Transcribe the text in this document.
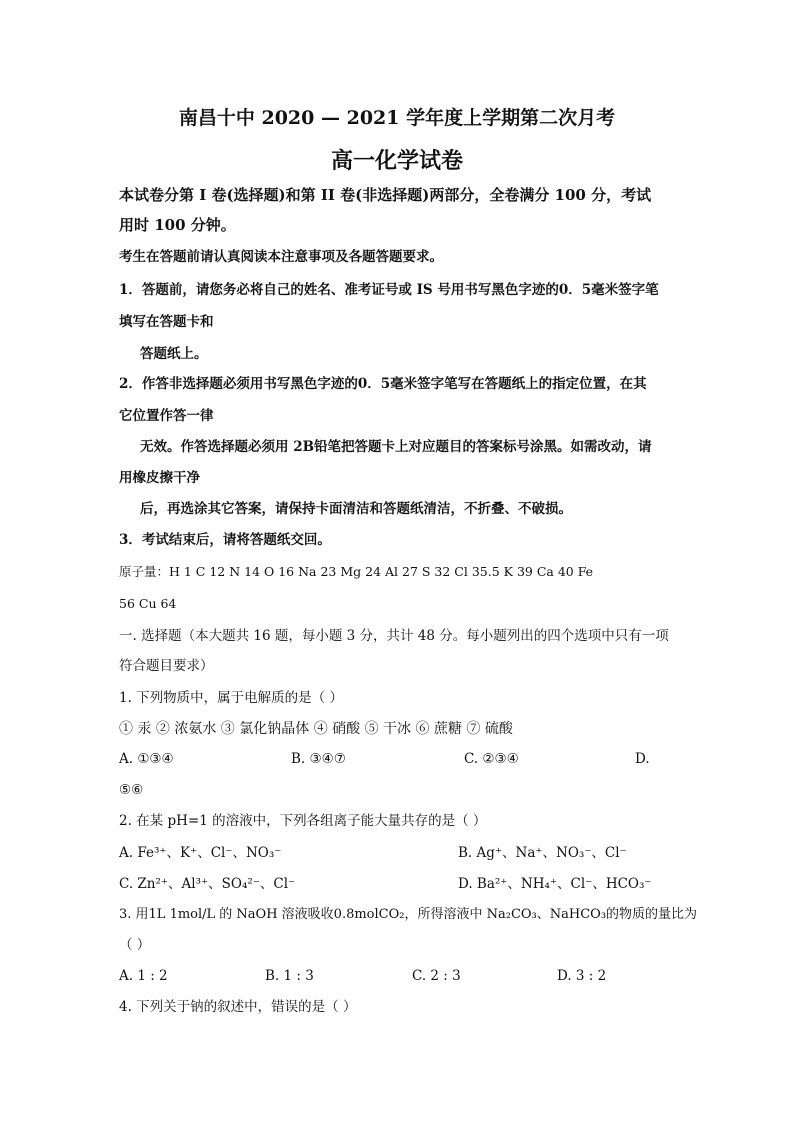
南昌十中 2020 — 2021 学年度上学期第二次月考
高一化学试卷
本试卷分第 I 卷(选择题)和第 II 卷(非选择题)两部分，全卷满分 100 分，考试
用时 100 分钟。
考生在答题前请认真阅读本注意事项及各题答题要求。
1．答题前，请您务必将自己的姓名、准考证号或 IS 号用书写黑色字迹的0．5毫米签字笔
填写在答题卡和
答题纸上。
2．作答非选择题必须用书写黑色字迹的0．5毫米签字笔写在答题纸上的指定位置，在其
它位置作答一律
无效。作答选择题必须用 2B铅笔把答题卡上对应题目的答案标号涂黑。如需改动，请
用橡皮擦干净
后，再选涂其它答案，请保持卡面清洁和答题纸清洁，不折叠、不破损。
3．考试结束后，请将答题纸交回。
原子量：H 1 C 12 N 14 O 16 Na 23 Mg 24 Al 27 S 32 Cl 35.5 K 39 Ca 40 Fe
56 Cu 64
一. 选择题（本大题共 16 题，每小题 3 分，共计 48 分。每小题列出的四个选项中只有一项
符合题目要求）
1. 下列物质中，属于电解质的是（ ）
① 汞 ② 浓氨水 ③ 氯化钠晶体 ④ 硝酸 ⑤ 干冰 ⑥ 蔗糖 ⑦ 硫酸
A. ①③④	B. ③④⑦	C. ②③④	D.
⑤⑥
2. 在某 pH=1 的溶液中，下列各组离子能大量共存的是（ ）
A. Fe³⁺、K⁺、Cl⁻、NO₃⁻	B. Ag⁺、Na⁺、NO₃⁻、Cl⁻
C. Zn²⁺、Al³⁺、SO₄²⁻、Cl⁻	D. Ba²⁺、NH₄⁺、Cl⁻、HCO₃⁻
3. 用1L 1mol/L 的 NaOH 溶液吸收0.8molCO₂，所得溶液中 Na₂CO₃、NaHCO₃的物质的量比为
（ ）
A. 1 : 2	B. 1 : 3	C. 2 : 3	D. 3 : 2
4. 下列关于钠的叙述中，错误的是（ ）
